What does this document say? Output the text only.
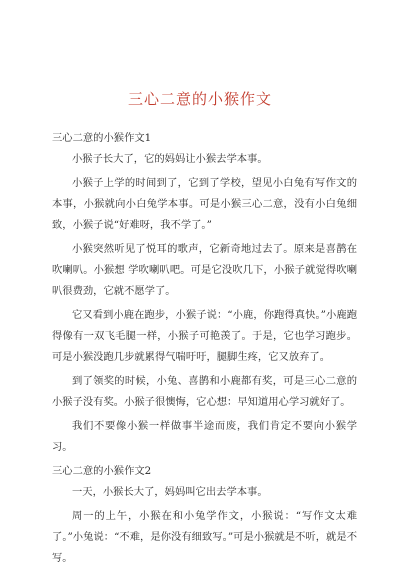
三心二意的小猴作文

三心二意的小猴作文1

小猴子长大了，它的妈妈让小猴去学本事。

小猴子上学的时间到了，它到了学校，望见小白兔有写作文的本事，小猴就向小白兔学本事。可是小猴三心二意，没有小白兔细致，小猴子说“好难呀，我不学了。”

小猴突然听见了悦耳的歌声，它新奇地过去了。原来是喜鹊在吹喇叭。小猴想 学吹喇叭吧。可是它没吹几下，小猴子就觉得吹喇叭很费劲，它就不愿学了。

它又看到小鹿在跑步，小猴子说：“小鹿，你跑得真快。”小鹿跑得像有一双飞毛腿一样，小猴子可艳羡了。于是，它也学习跑步。可是小猴没跑几步就累得气喘吁吁，腿脚生疼，它又放弃了。

到了领奖的时候，小兔、喜鹊和小鹿都有奖，可是三心二意的小猴子没有奖。小猴子很懊悔，它心想：早知道用心学习就好了。

我们不要像小猴一样做事半途而废，我们肯定不要向小猴学习。

三心二意的小猴作文2

一天，小猴长大了，妈妈叫它出去学本事。

周一的上午，小猴在和小兔学作文，小猴说：“写作文太难了。”小兔说：“不难，是你没有细致写。”可是小猴就是不听，就是不写。
